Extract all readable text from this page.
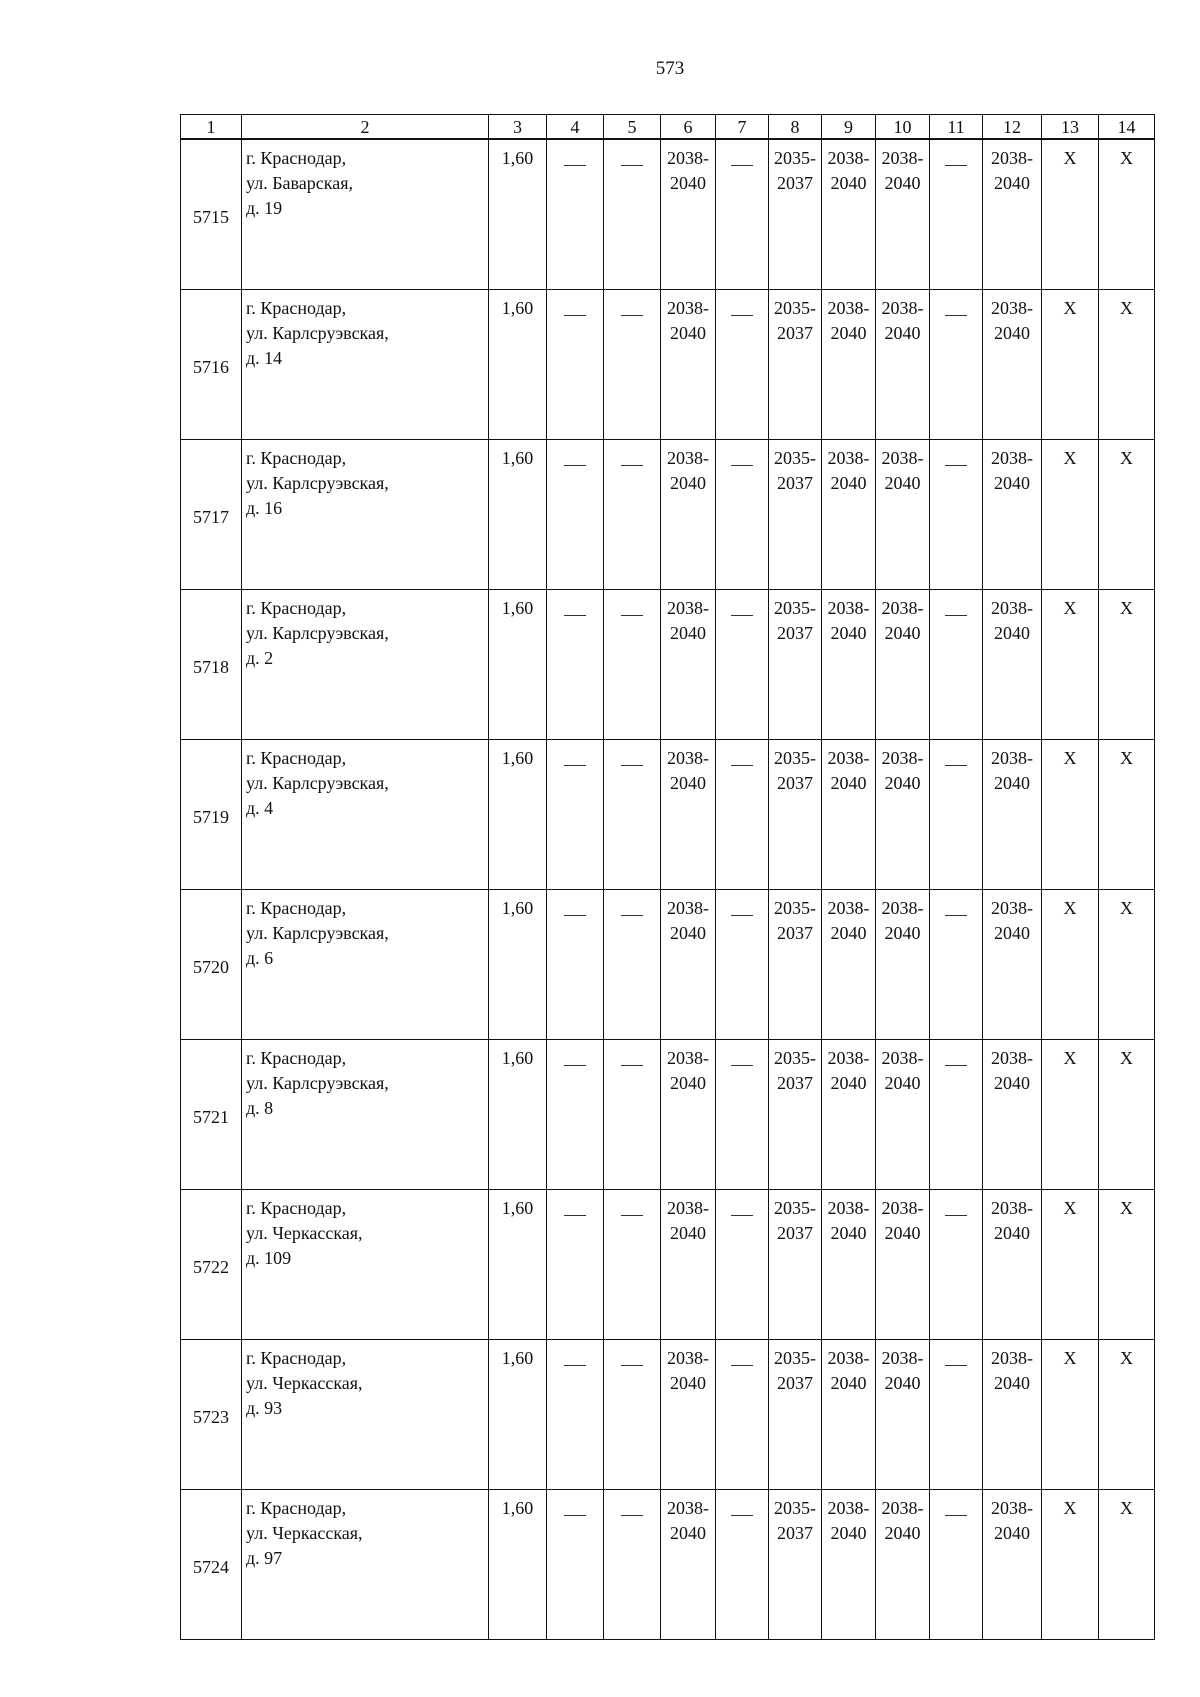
573
1	2	3	4	5	6	7	8	9	10	11	12	13	14
5715	г. Краснодар,
ул. Баварская,
д. 19	1,60			2038-
2040		2035-
2037	2038-
2040	2038-
2040		2038-
2040	X	X
5716	г. Краснодар,
ул. Карлсруэвская,
д. 14	1,60			2038-
2040		2035-
2037	2038-
2040	2038-
2040		2038-
2040	X	X
5717	г. Краснодар,
ул. Карлсруэвская,
д. 16	1,60			2038-
2040		2035-
2037	2038-
2040	2038-
2040		2038-
2040	X	X
5718	г. Краснодар,
ул. Карлсруэвская,
д. 2	1,60			2038-
2040		2035-
2037	2038-
2040	2038-
2040		2038-
2040	X	X
5719	г. Краснодар,
ул. Карлсруэвская,
д. 4	1,60			2038-
2040		2035-
2037	2038-
2040	2038-
2040		2038-
2040	X	X
5720	г. Краснодар,
ул. Карлсруэвская,
д. 6	1,60			2038-
2040		2035-
2037	2038-
2040	2038-
2040		2038-
2040	X	X
5721	г. Краснодар,
ул. Карлсруэвская,
д. 8	1,60			2038-
2040		2035-
2037	2038-
2040	2038-
2040		2038-
2040	X	X
5722	г. Краснодар,
ул. Черкасская,
д. 109	1,60			2038-
2040		2035-
2037	2038-
2040	2038-
2040		2038-
2040	X	X
5723	г. Краснодар,
ул. Черкасская,
д. 93	1,60			2038-
2040		2035-
2037	2038-
2040	2038-
2040		2038-
2040	X	X
5724	г. Краснодар,
ул. Черкасская,
д. 97	1,60			2038-
2040		2035-
2037	2038-
2040	2038-
2040		2038-
2040	X	X
